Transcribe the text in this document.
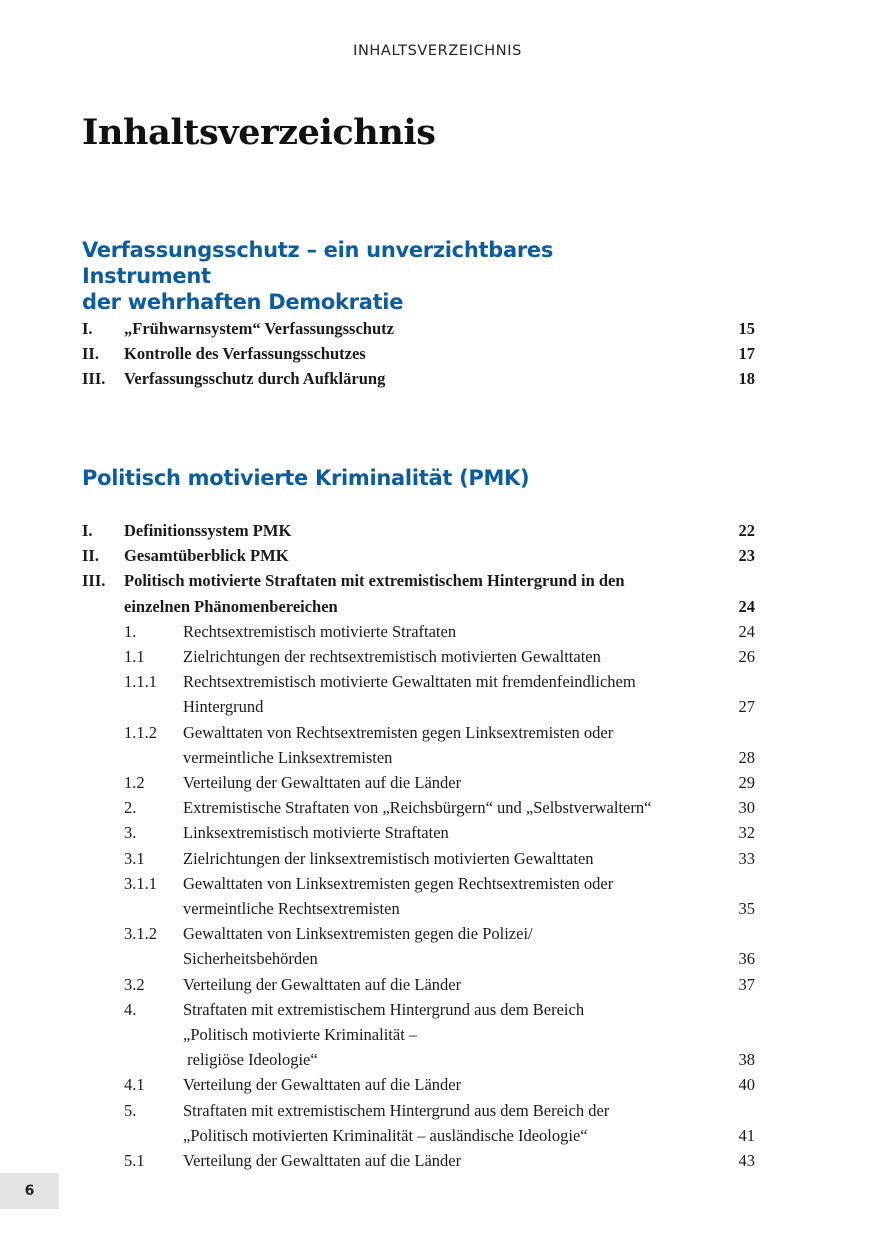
INHALTSVERZEICHNIS
Inhaltsverzeichnis
Verfassungsschutz – ein unverzichtbares Instrument
der wehrhaften Demokratie
I. „Frühwarnsystem“ Verfassungsschutz	15
II. Kontrolle des Verfassungsschutzes	17
III. Verfassungsschutz durch Aufklärung	18
Politisch motivierte Kriminalität (PMK)
I. Definitionssystem PMK	22
II. Gesamtüberblick PMK	23
III. Politisch motivierte Straftaten mit extremistischem Hintergrund in den
einzelnen Phänomenbereichen	24
1.	Rechtsextremistisch motivierte Straftaten	24
1.1 Zielrichtungen der rechtsextremistisch motivierten Gewalttaten	26
1.1.1 Rechtsextremistisch motivierte Gewalttaten mit fremdenfeindlichem
Hintergrund	27
1.1.2 Gewalttaten von Rechtsextremisten gegen Linksextremisten oder
vermeintliche Linksextremisten	28
1.2 Verteilung der Gewalttaten auf die Länder	29
2.	Extremistische Straftaten von „Reichsbürgern“ und „Selbstverwaltern“	30
3.	Linksextremistisch motivierte Straftaten	32
3.1 Zielrichtungen der linksextremistisch motivierten Gewalttaten	33
3.1.1 Gewalttaten von Linksextremisten gegen Rechtsextremisten oder
vermeintliche Rechtsextremisten	35
3.1.2 Gewalttaten von Linksextremisten gegen die Polizei/
Sicherheitsbehörden	36
3.2 Verteilung der Gewalttaten auf die Länder	37
4.	Straftaten mit extremistischem Hintergrund aus dem Bereich
„Politisch motivierte Kriminalität –
religiöse Ideologie“	38
4.1 Verteilung der Gewalttaten auf die Länder	40
5.	Straftaten mit extremistischem Hintergrund aus dem Bereich der
„Politisch motivierten Kriminalität – ausländische Ideologie“	41
5.1 Verteilung der Gewalttaten auf die Länder	43
6
